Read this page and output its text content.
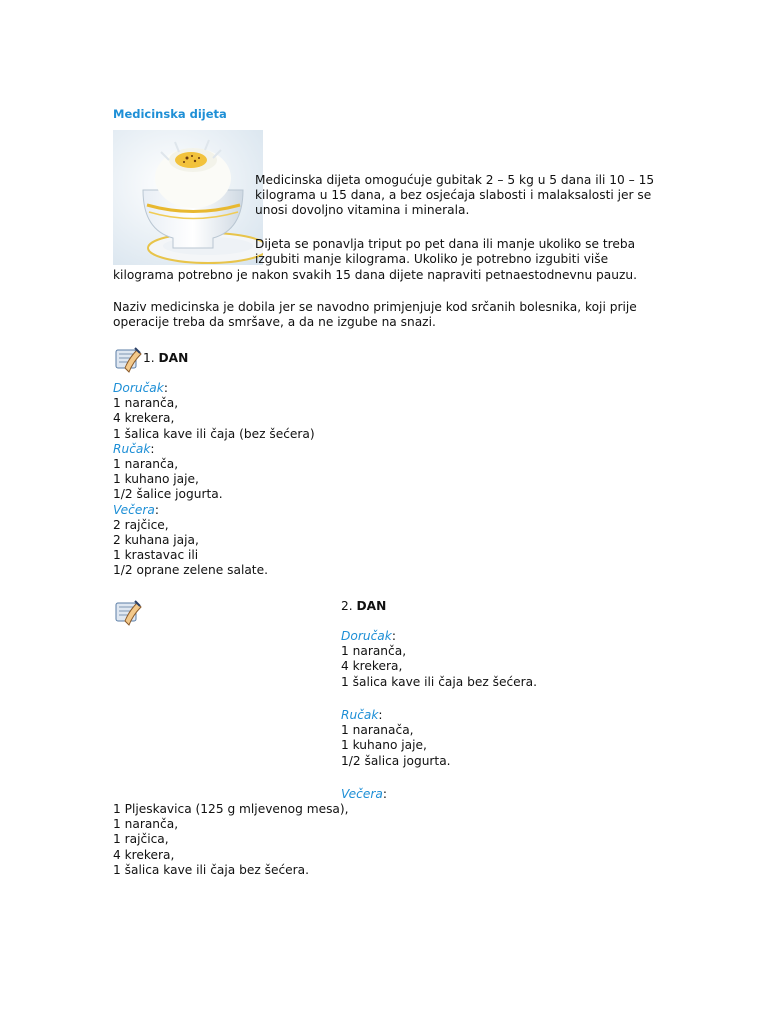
Medicinska dijeta
Medicinska dijeta omogućuje gubitak 2 – 5 kg u 5 dana ili 10 – 15
kilograma u 15 dana, a bez osjećaja slabosti i malaksalosti jer se
unosi dovoljno vitamina i minerala.
Dijeta se ponavlja triput po pet dana ili manje ukoliko se treba
izgubiti manje kilograma. Ukoliko je potrebno izgubiti više
kilograma potrebno je nakon svakih 15 dana dijete napraviti petnaestodnevnu pauzu.
Naziv medicinska je dobila jer se navodno primjenjuje kod srčanih bolesnika, koji prije
operacije treba da smršave, a da ne izgube na snazi.
1. DAN
Doručak:
1 naranča,
4 krekera,
1 šalica kave ili čaja (bez šećera)
Ručak:
1 naranča,
1 kuhano jaje,
1/2 šalice jogurta.
Večera:
2 rajčice,
2 kuhana jaja,
1 krastavac ili
1/2 oprane zelene salate.
2. DAN
Doručak:
1 naranča,
4 krekera,
1 šalica kave ili čaja bez šećera.
Ručak:
1 naranača,
1 kuhano jaje,
1/2 šalica jogurta.
Večera:
1 Pljeskavica (125 g mljevenog mesa),
1 naranča,
1 rajčica,
4 krekera,
1 šalica kave ili čaja bez šećera.
